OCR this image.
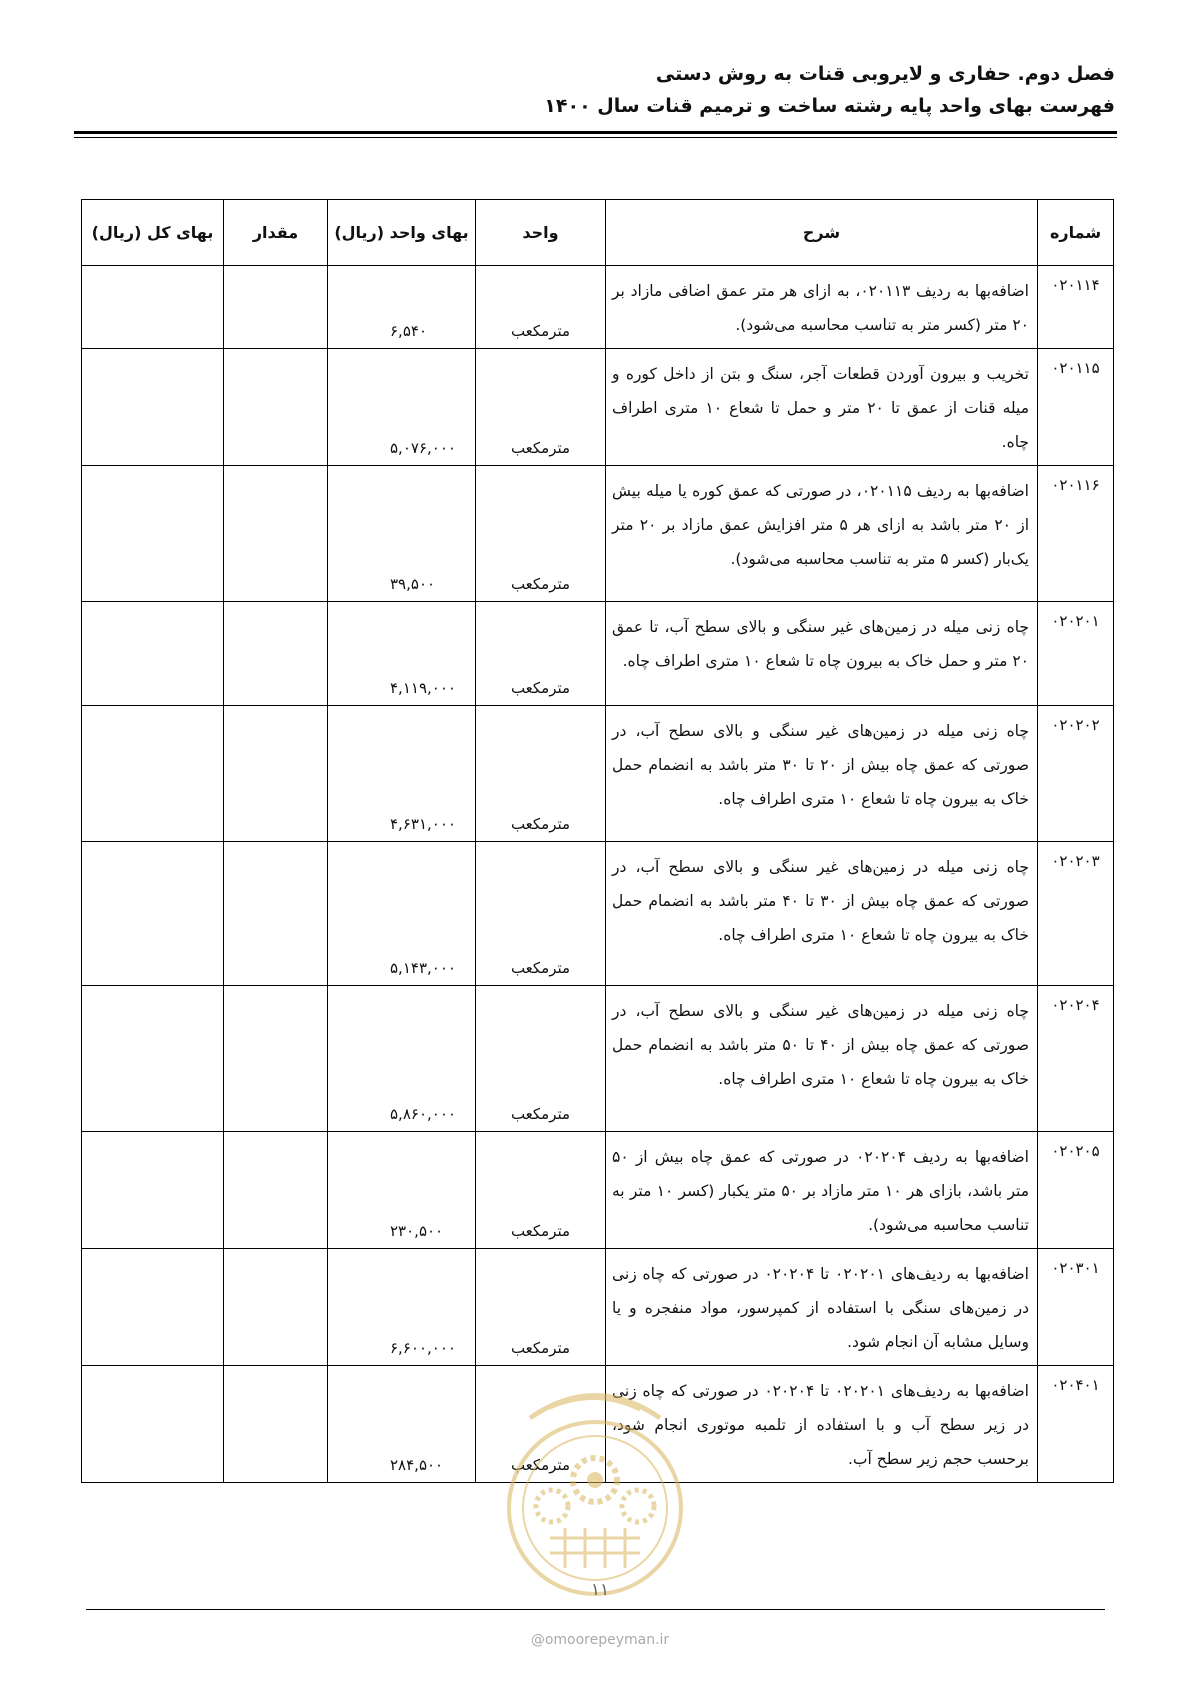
فصل دوم. حفاری و لایروبی قنات به روش دستی
فهرست بهای واحد پایه رشته ساخت و ترمیم قنات سال ۱۴۰۰
شماره	شرح	واحد	بهای واحد (ریال)	مقدار	بهای کل (ریال)
۰۲۰۱۱۴	اضافه‌بها به ردیف ۰۲۰۱۱۳، به ازای هر متر عمق اضافی مازاد بر ۲۰ متر (کسر متر به تناسب محاسبه می‌شود).	مترمکعب	۶,۵۴۰		
۰۲۰۱۱۵	تخریب و بیرون آوردن قطعات آجر، سنگ و بتن از داخل کوره و میله قنات از عمق تا ۲۰ متر و حمل تا شعاع ۱۰ متری اطراف چاه.	مترمکعب	۵,۰۷۶,۰۰۰		
۰۲۰۱۱۶	اضافه‌بها به ردیف ۰۲۰۱۱۵، در صورتی که عمق کوره یا میله بیش از ۲۰ متر باشد به ازای هر ۵ متر افزایش عمق مازاد بر ۲۰ متر یک‌بار (کسر ۵ متر به تناسب محاسبه می‌شود).	مترمکعب	۳۹,۵۰۰		
۰۲۰۲۰۱	چاه زنی میله در زمین‌های غیر سنگی و بالای سطح آب، تا عمق ۲۰ متر و حمل خاک به بیرون چاه تا شعاع ۱۰ متری اطراف چاه.	مترمکعب	۴,۱۱۹,۰۰۰		
۰۲۰۲۰۲	چاه زنی میله در زمین‌های غیر سنگی و بالای سطح آب، در صورتی که عمق چاه بیش از ۲۰ تا ۳۰ متر باشد به انضمام حمل خاک به بیرون چاه تا شعاع ۱۰ متری اطراف چاه.	مترمکعب	۴,۶۳۱,۰۰۰		
۰۲۰۲۰۳	چاه زنی میله در زمین‌های غیر سنگی و بالای سطح آب، در صورتی که عمق چاه بیش از ۳۰ تا ۴۰ متر باشد به انضمام حمل خاک به بیرون چاه تا شعاع ۱۰ متری اطراف چاه.	مترمکعب	۵,۱۴۳,۰۰۰		
۰۲۰۲۰۴	چاه زنی میله در زمین‌های غیر سنگی و بالای سطح آب، در صورتی که عمق چاه بیش از ۴۰ تا ۵۰ متر باشد به انضمام حمل خاک به بیرون چاه تا شعاع ۱۰ متری اطراف چاه.	مترمکعب	۵,۸۶۰,۰۰۰		
۰۲۰۲۰۵	اضافه‌بها به ردیف ۰۲۰۲۰۴ در صورتی که عمق چاه بیش از ۵۰ متر باشد، بازای هر ۱۰ متر مازاد بر ۵۰ متر یکبار (کسر ۱۰ متر به تناسب محاسبه می‌شود).	مترمکعب	۲۳۰,۵۰۰		
۰۲۰۳۰۱	اضافه‌بها به ردیف‌های ۰۲۰۲۰۱ تا ۰۲۰۲۰۴ در صورتی که چاه زنی در زمین‌های سنگی با استفاده از کمپرسور، مواد منفجره و یا وسایل مشابه آن انجام شود.	مترمکعب	۶,۶۰۰,۰۰۰		
۰۲۰۴۰۱	اضافه‌بها به ردیف‌های ۰۲۰۲۰۱ تا ۰۲۰۲۰۴ در صورتی که چاه زنی در زیر سطح آب و با استفاده از تلمبه موتوری انجام شود، برحسب حجم زیر سطح آب.	مترمکعب	۲۸۴,۵۰۰		
۱۱
@omoorepeyman.ir
